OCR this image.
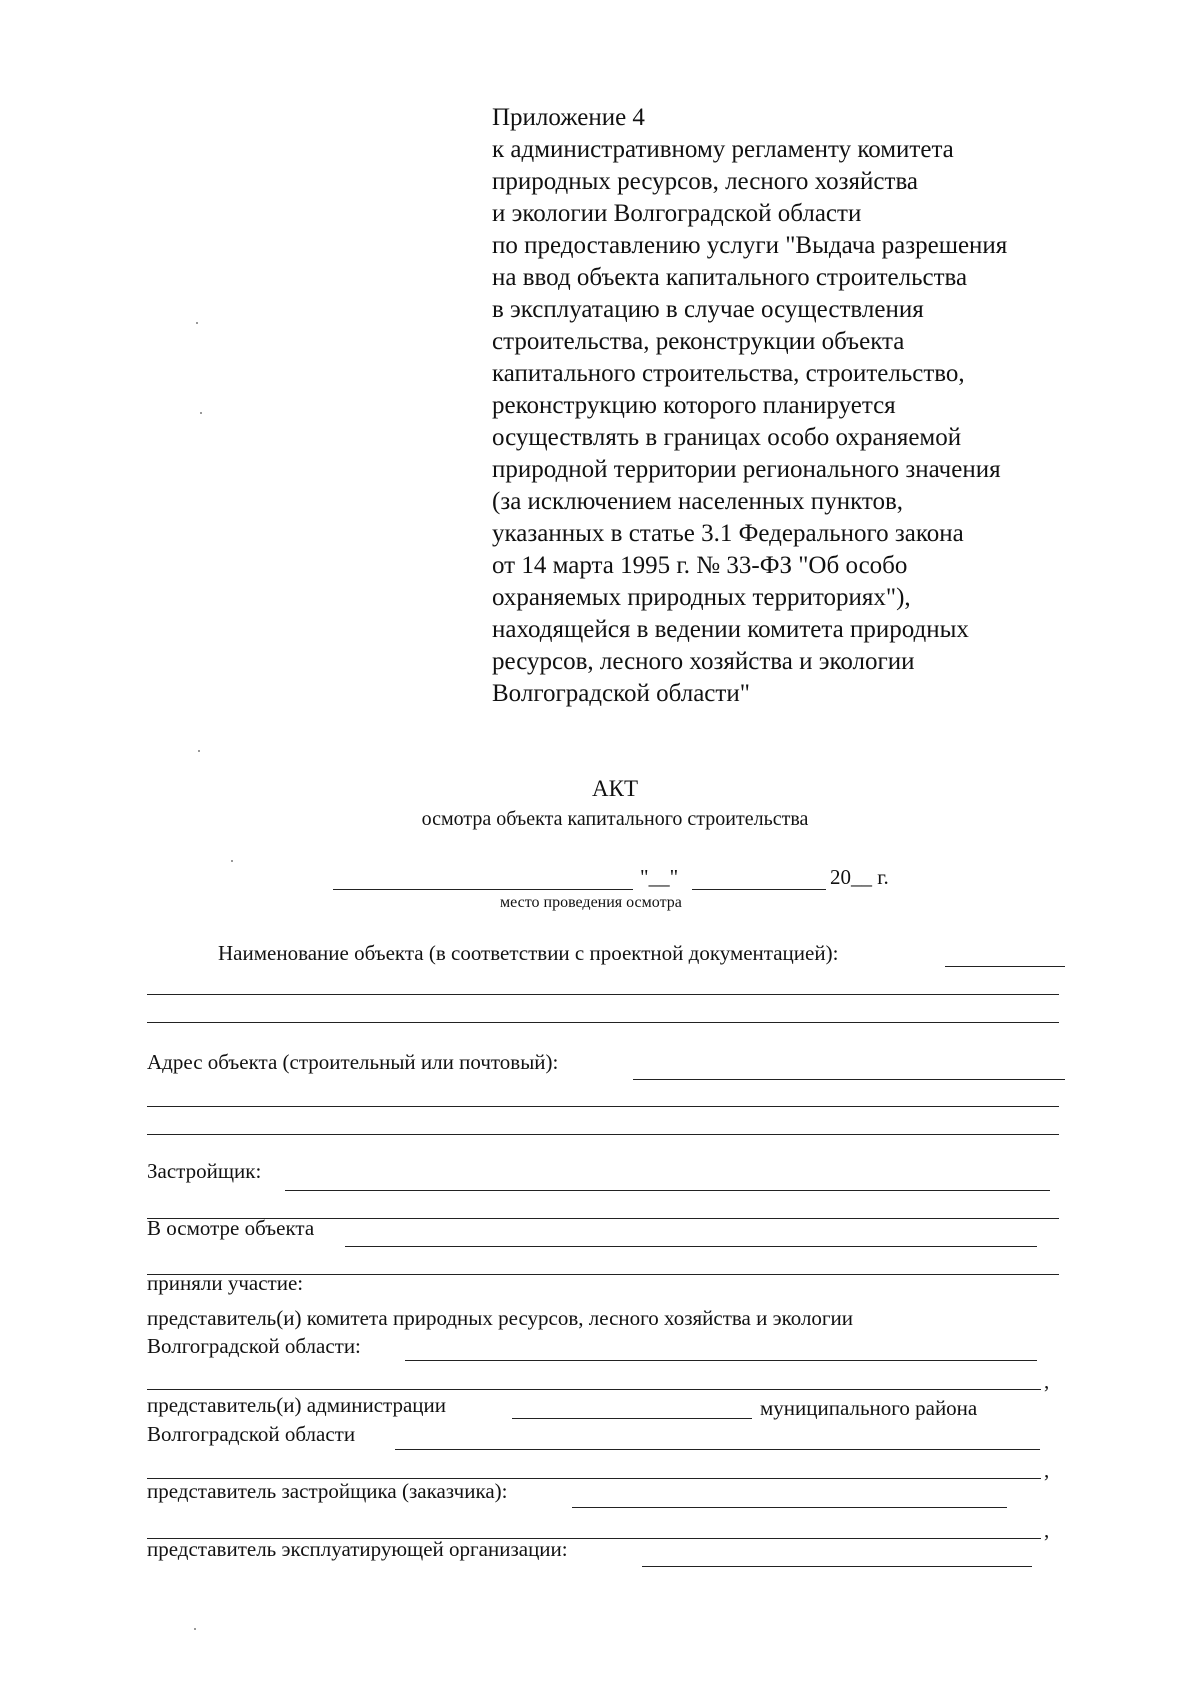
Приложение 4
к административному регламенту комитета
природных ресурсов, лесного хозяйства
и экологии Волгоградской области
по предоставлению услуги "Выдача разрешения
на ввод объекта капитального строительства
в эксплуатацию в случае осуществления
строительства, реконструкции объекта
капитального строительства, строительство,
реконструкцию которого планируется
осуществлять в границах особо охраняемой
природной территории регионального значения
(за исключением населенных пунктов,
указанных в статье 3.1 Федерального закона
от 14 марта 1995 г. № 33-ФЗ "Об особо
охраняемых природных территориях"),
находящейся в ведении комитета природных
ресурсов, лесного хозяйства и экологии
Волгоградской области"
АКТ
осмотра объекта капитального строительства
"__"	20__ г.
место проведения осмотра
Наименование объекта (в соответствии с проектной документацией):
Адрес объекта (строительный или почтовый):
Застройщик:
В осмотре объекта
приняли участие:
представитель(и) комитета природных ресурсов, лесного хозяйства и экологии
Волгоградской области:
,
представитель(и) администрации	муниципального района
Волгоградской области
,
представитель застройщика (заказчика):
,
представитель эксплуатирующей организации:
